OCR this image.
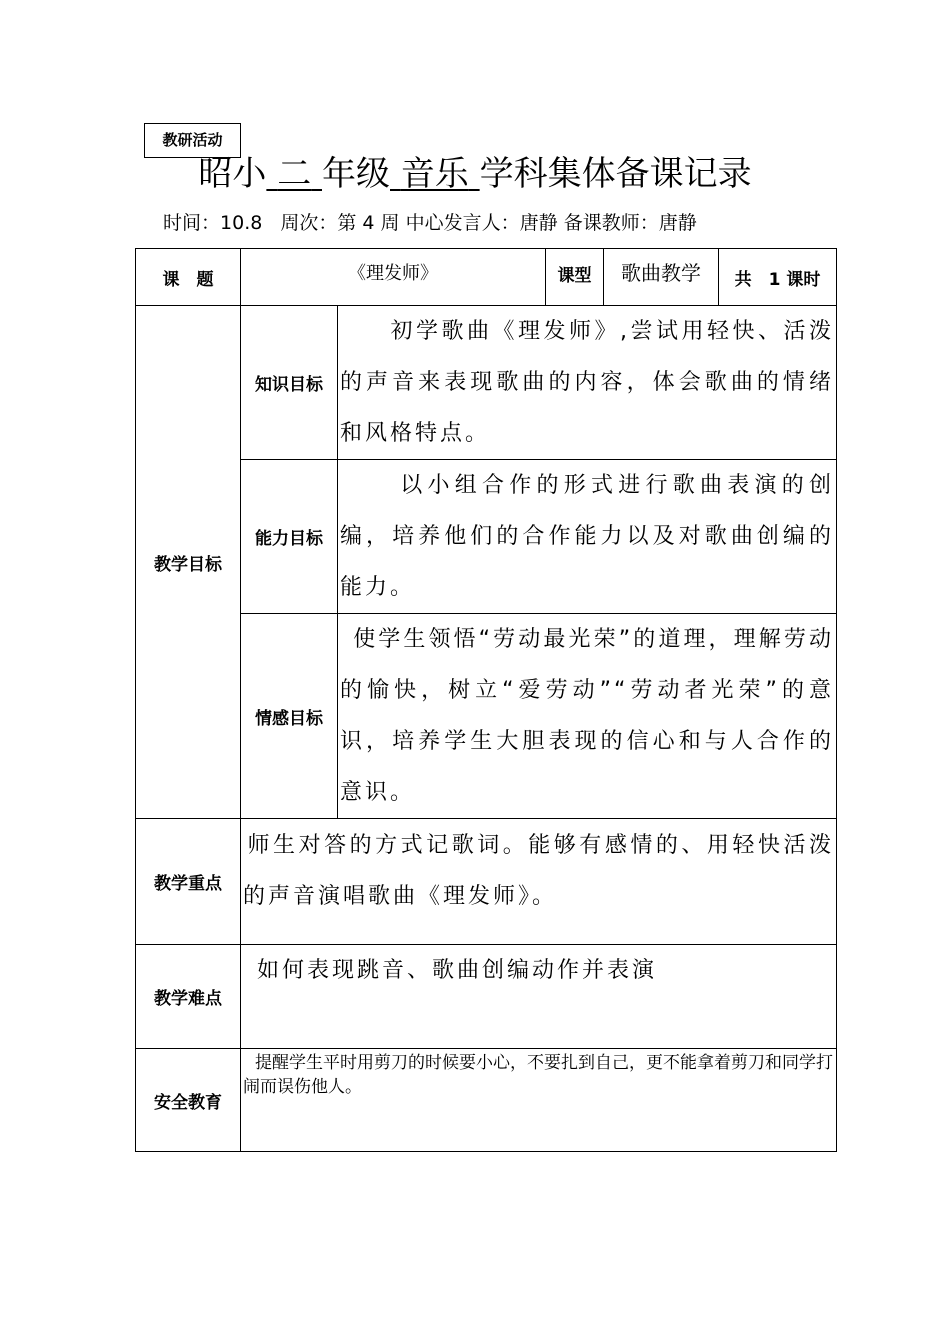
教研活动
昭小 二 年级 音乐 学科集体备课记录
时间：10.8 周次：第 4 周 中心发言人：唐静 备课教师：唐静
课　题	《理发师》		课型	歌曲教学	共　1 课时
教学目标	知识目标	初学歌曲《理发师》,尝试用轻快、活泼的声音来表现歌曲的内容，体会歌曲的情绪和风格特点。			
	能力目标	以小组合作的形式进行歌曲表演的创编，培养他们的合作能力以及对歌曲创编的能力。			
	情感目标	使学生领悟“劳动最光荣”的道理，理解劳动的愉快，树立“爱劳动”“劳动者光荣”的意识，培养学生大胆表现的信心和与人合作的意识。			
教学重点	师生对答的方式记歌词。能够有感情的、用轻快活泼的声音演唱歌曲《理发师》。				
教学难点	如何表现跳音、歌曲创编动作并表演				
安全教育	提醒学生平时用剪刀的时候要小心，不要扎到自己，更不能拿着剪刀和同学打闹而误伤他人。				
